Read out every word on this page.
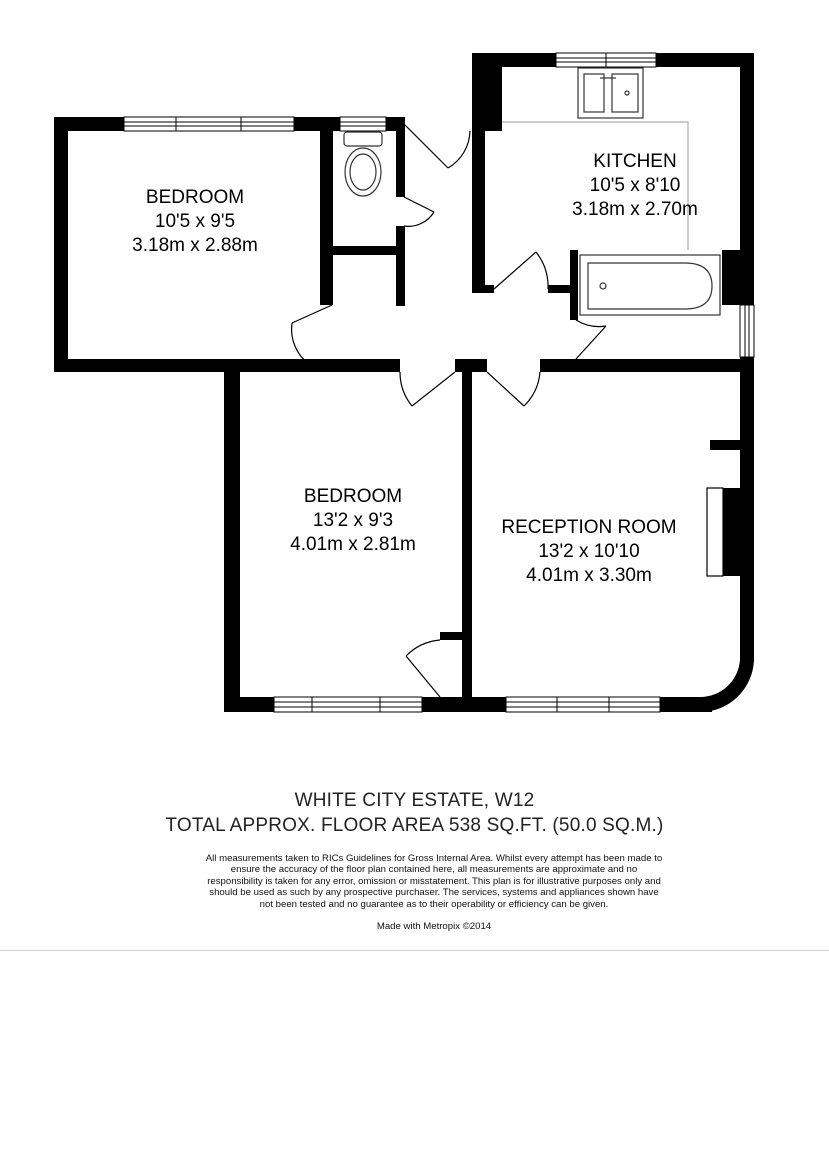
BEDROOM
10'5 x 9'5
3.18m x 2.88m
KITCHEN
10'5 x 8'10
3.18m x 2.70m
BEDROOM
13'2 x 9'3
4.01m x 2.81m
RECEPTION ROOM
13'2 x 10'10
4.01m x 3.30m
WHITE CITY ESTATE, W12
TOTAL APPROX. FLOOR AREA 538 SQ.FT. (50.0 SQ.M.)
All measurements taken to RICs Guidelines for Gross Internal Area. Whilst every attempt has been made to ensure the accuracy of the floor plan contained here, all measurements are approximate and no responsibility is taken for any error, omission or misstatement. This plan is for illustrative purposes only and should be used as such by any prospective purchaser. The services, systems and appliances shown have not been tested and no guarantee as to their operability or efficiency can be given.
Made with Metropix ©2014
